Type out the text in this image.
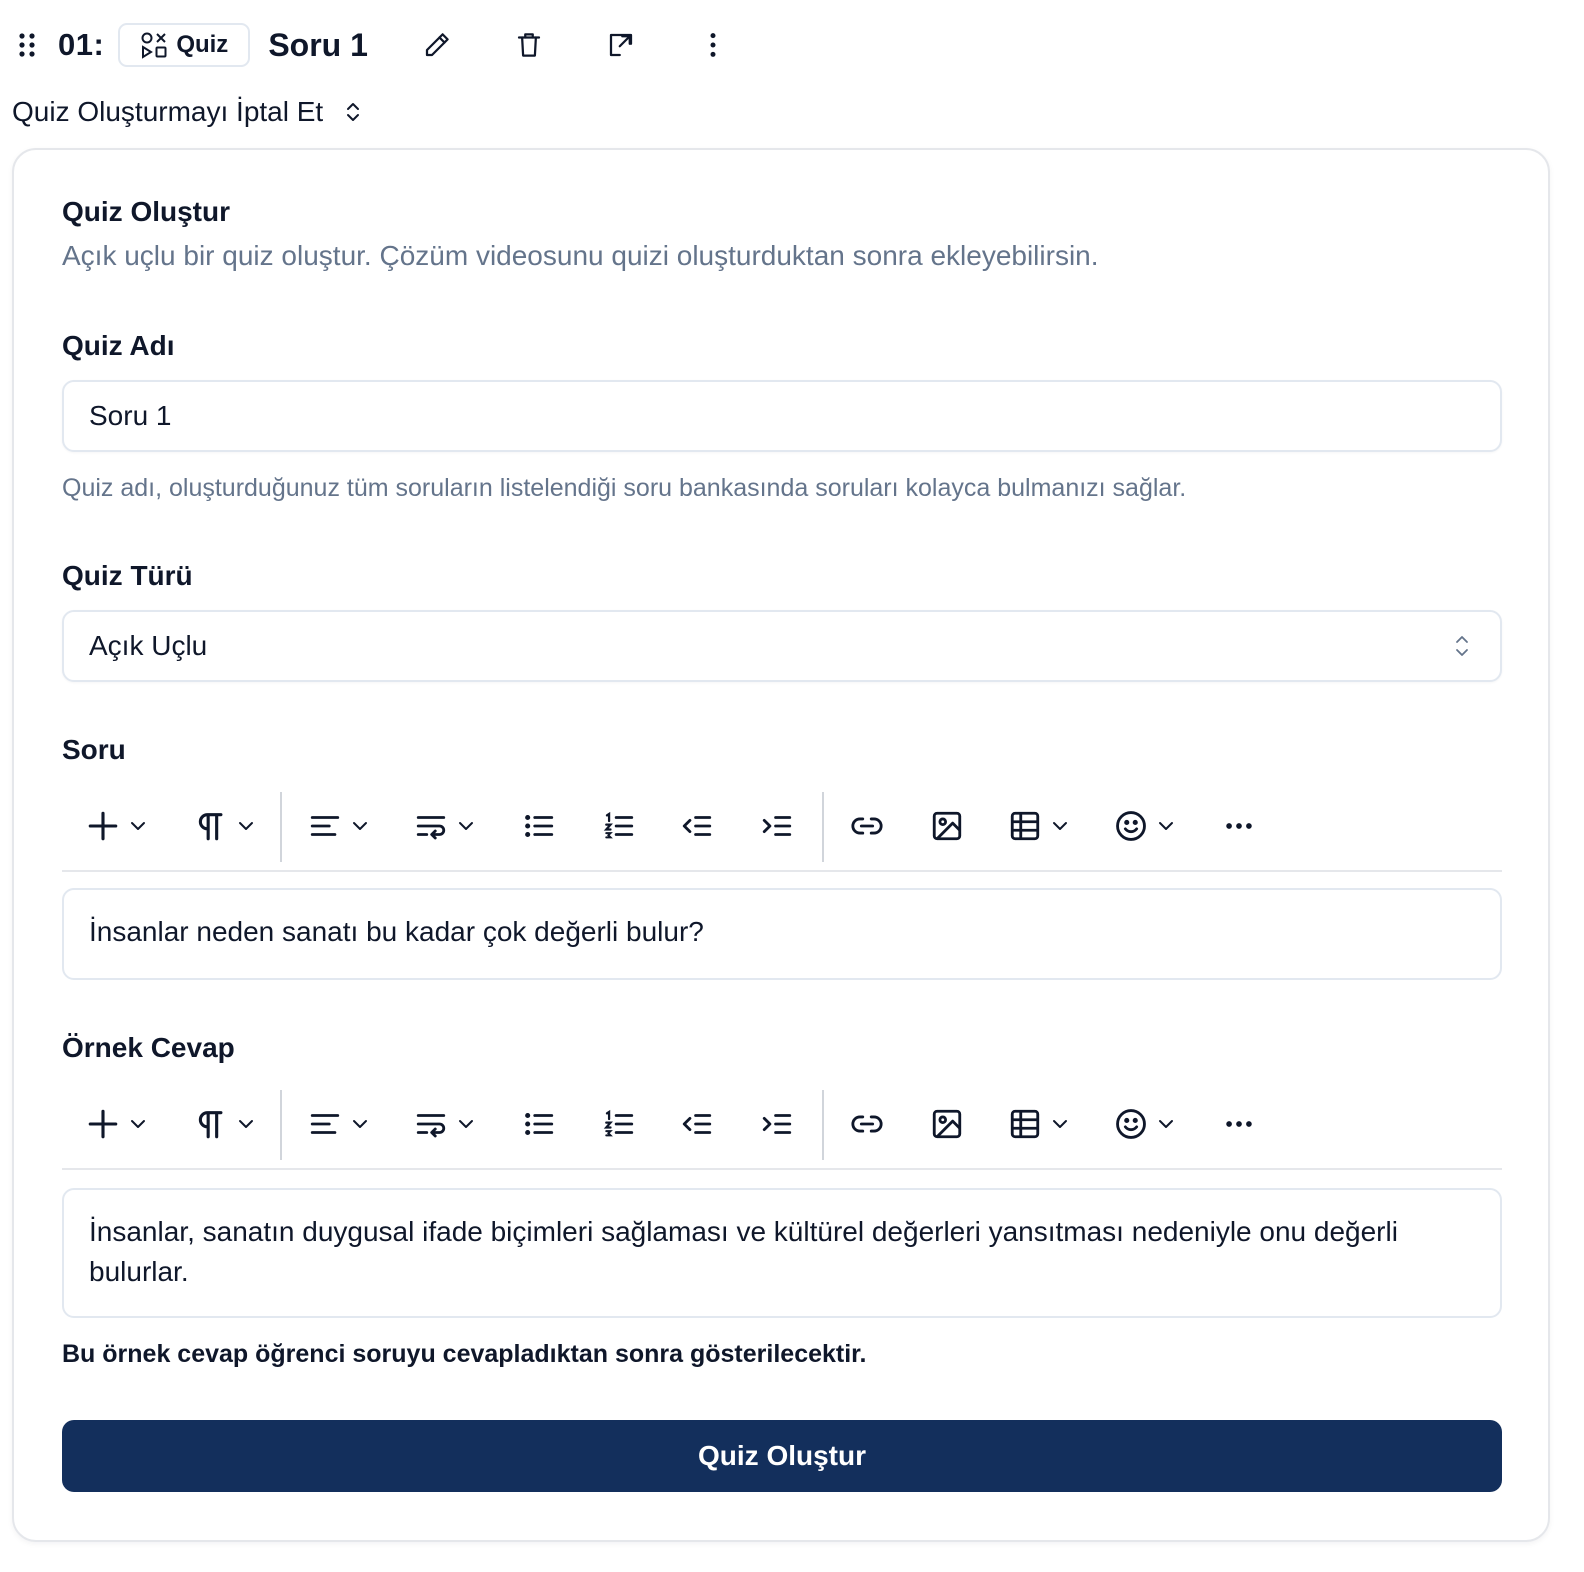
01:	Quiz Soru 1
Quiz Oluşturmayı İptal Et
Quiz Oluştur
Açık uçlu bir quiz oluştur. Çözüm videosunu quizi oluşturduktan sonra ekleyebilirsin.
Quiz Adı
Soru 1
Quiz adı, oluşturduğunuz tüm soruların listelendiği soru bankasında soruları kolayca bulmanızı sağlar.
Quiz Türü
Açık Uçlu
Soru
İnsanlar neden sanatı bu kadar çok değerli bulur?
Örnek Cevap
İnsanlar, sanatın duygusal ifade biçimleri sağlaması ve kültürel değerleri yansıtması nedeniyle onu değerli bulurlar.
Bu örnek cevap öğrenci soruyu cevapladıktan sonra gösterilecektir.
Quiz Oluştur
